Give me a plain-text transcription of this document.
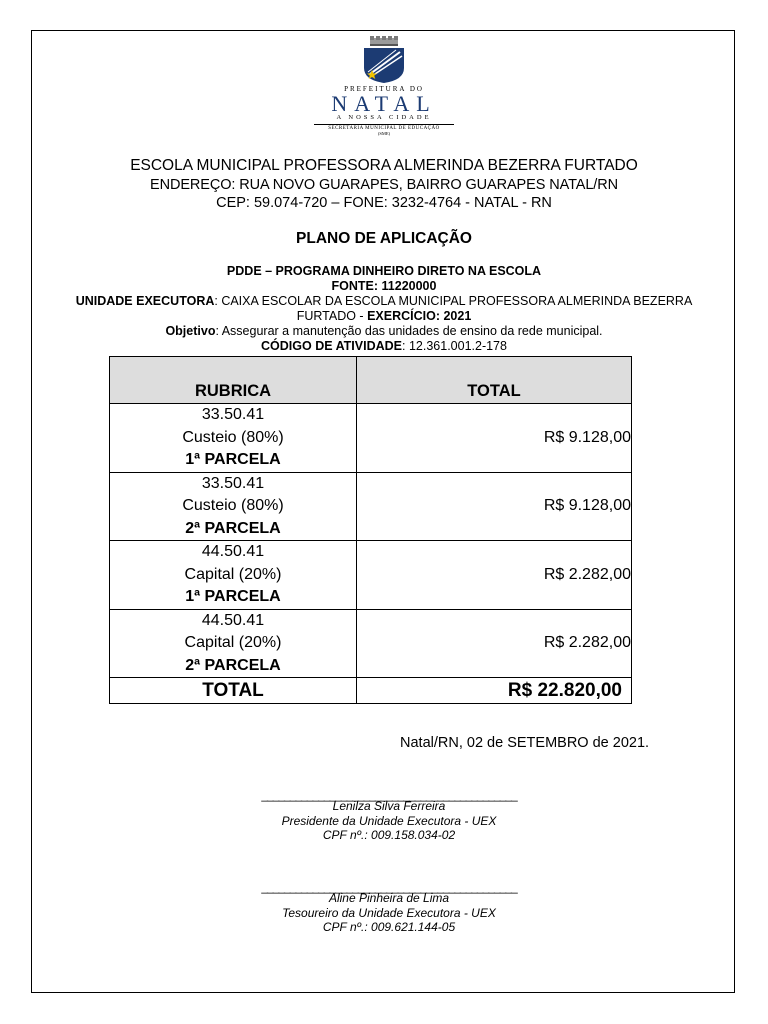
PREFEITURA DO
NATAL
A NOSSA CIDADE
SECRETARIA MUNICIPAL DE EDUCAÇÃO
(SME)
ESCOLA MUNICIPAL PROFESSORA ALMERINDA BEZERRA FURTADO
ENDEREÇO: RUA NOVO GUARAPES, BAIRRO GUARAPES NATAL/RN
CEP: 59.074-720 – FONE: 3232-4764 - NATAL - RN
PLANO DE APLICAÇÃO
PDDE – PROGRAMA DINHEIRO DIRETO NA ESCOLA
FONTE: 11220000
UNIDADE EXECUTORA: CAIXA ESCOLAR DA ESCOLA MUNICIPAL PROFESSORA ALMERINDA BEZERRA FURTADO - EXERCÍCIO: 2021
Objetivo: Assegurar a manutenção das unidades de ensino da rede municipal.
CÓDIGO DE ATIVIDADE: 12.361.001.2-178
RUBRICA	TOTAL

33.50.41
Custeio (80%)
1ª PARCELA	R$ 9.128,00

33.50.41
Custeio (80%)
2ª PARCELA	R$ 9.128,00

44.50.41
Capital (20%)
1ª PARCELA	R$ 2.282,00

44.50.41
Capital (20%)
2ª PARCELA	R$ 2.282,00
TOTAL	R$ 22.820,00
Natal/RN, 02 de SETEMBRO de 2021.
_____________________________________________
Lenilza Silva Ferreira
Presidente da Unidade Executora - UEX
CPF nº.: 009.158.034-02
_____________________________________________
Aline Pinheira de Lima
Tesoureiro da Unidade Executora - UEX
CPF nº.: 009.621.144-05
